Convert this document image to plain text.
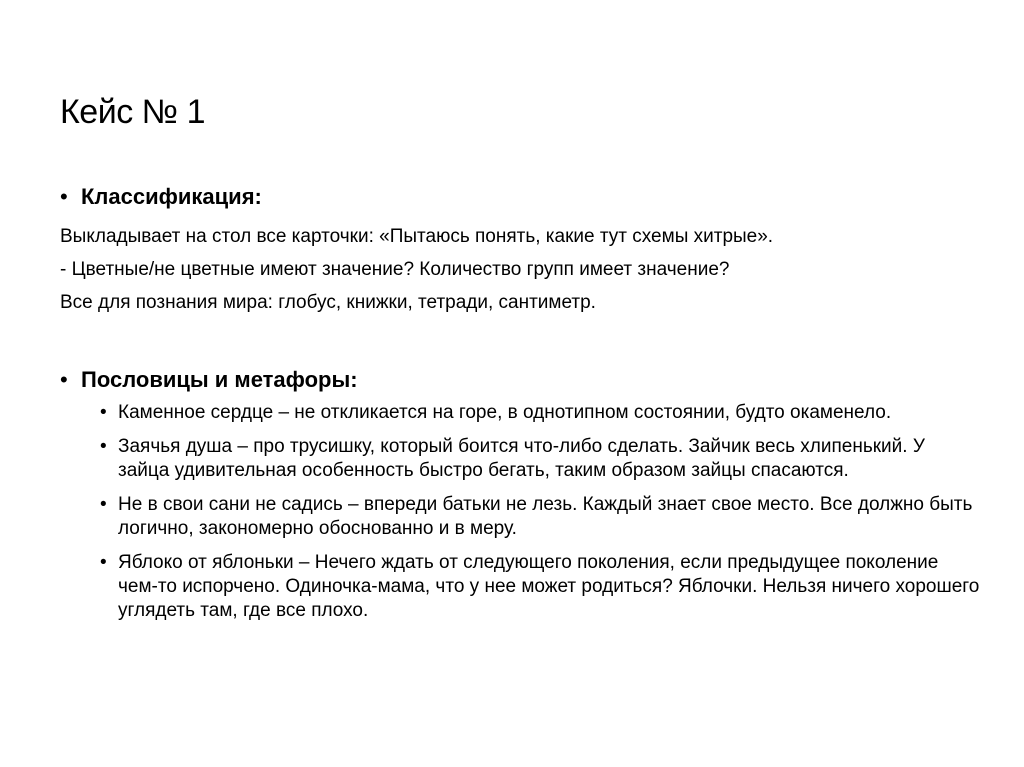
Кейс № 1
• Классификация:
Выкладывает на стол все карточки: «Пытаюсь понять, какие тут схемы хитрые».
- Цветные/не цветные имеют значение? Количество групп имеет значение?
Все для познания мира: глобус, книжки, тетради, сантиметр.
• Пословицы и метафоры:
• Каменное сердце – не откликается на горе, в однотипном состоянии, будто окаменело.
• Заячья душа – про трусишку, который боится что-либо сделать. Зайчик весь хлипенький. У зайца удивительная особенность быстро бегать, таким образом зайцы спасаются.
• Не в свои сани не садись – впереди батьки не лезь. Каждый знает свое место. Все должно быть логично, закономерно обоснованно и в меру.
• Яблоко от яблоньки – Нечего ждать от следующего поколения, если предыдущее поколение чем-то испорчено. Одиночка-мама, что у нее может родиться? Яблочки. Нельзя ничего хорошего углядеть там, где все плохо.
